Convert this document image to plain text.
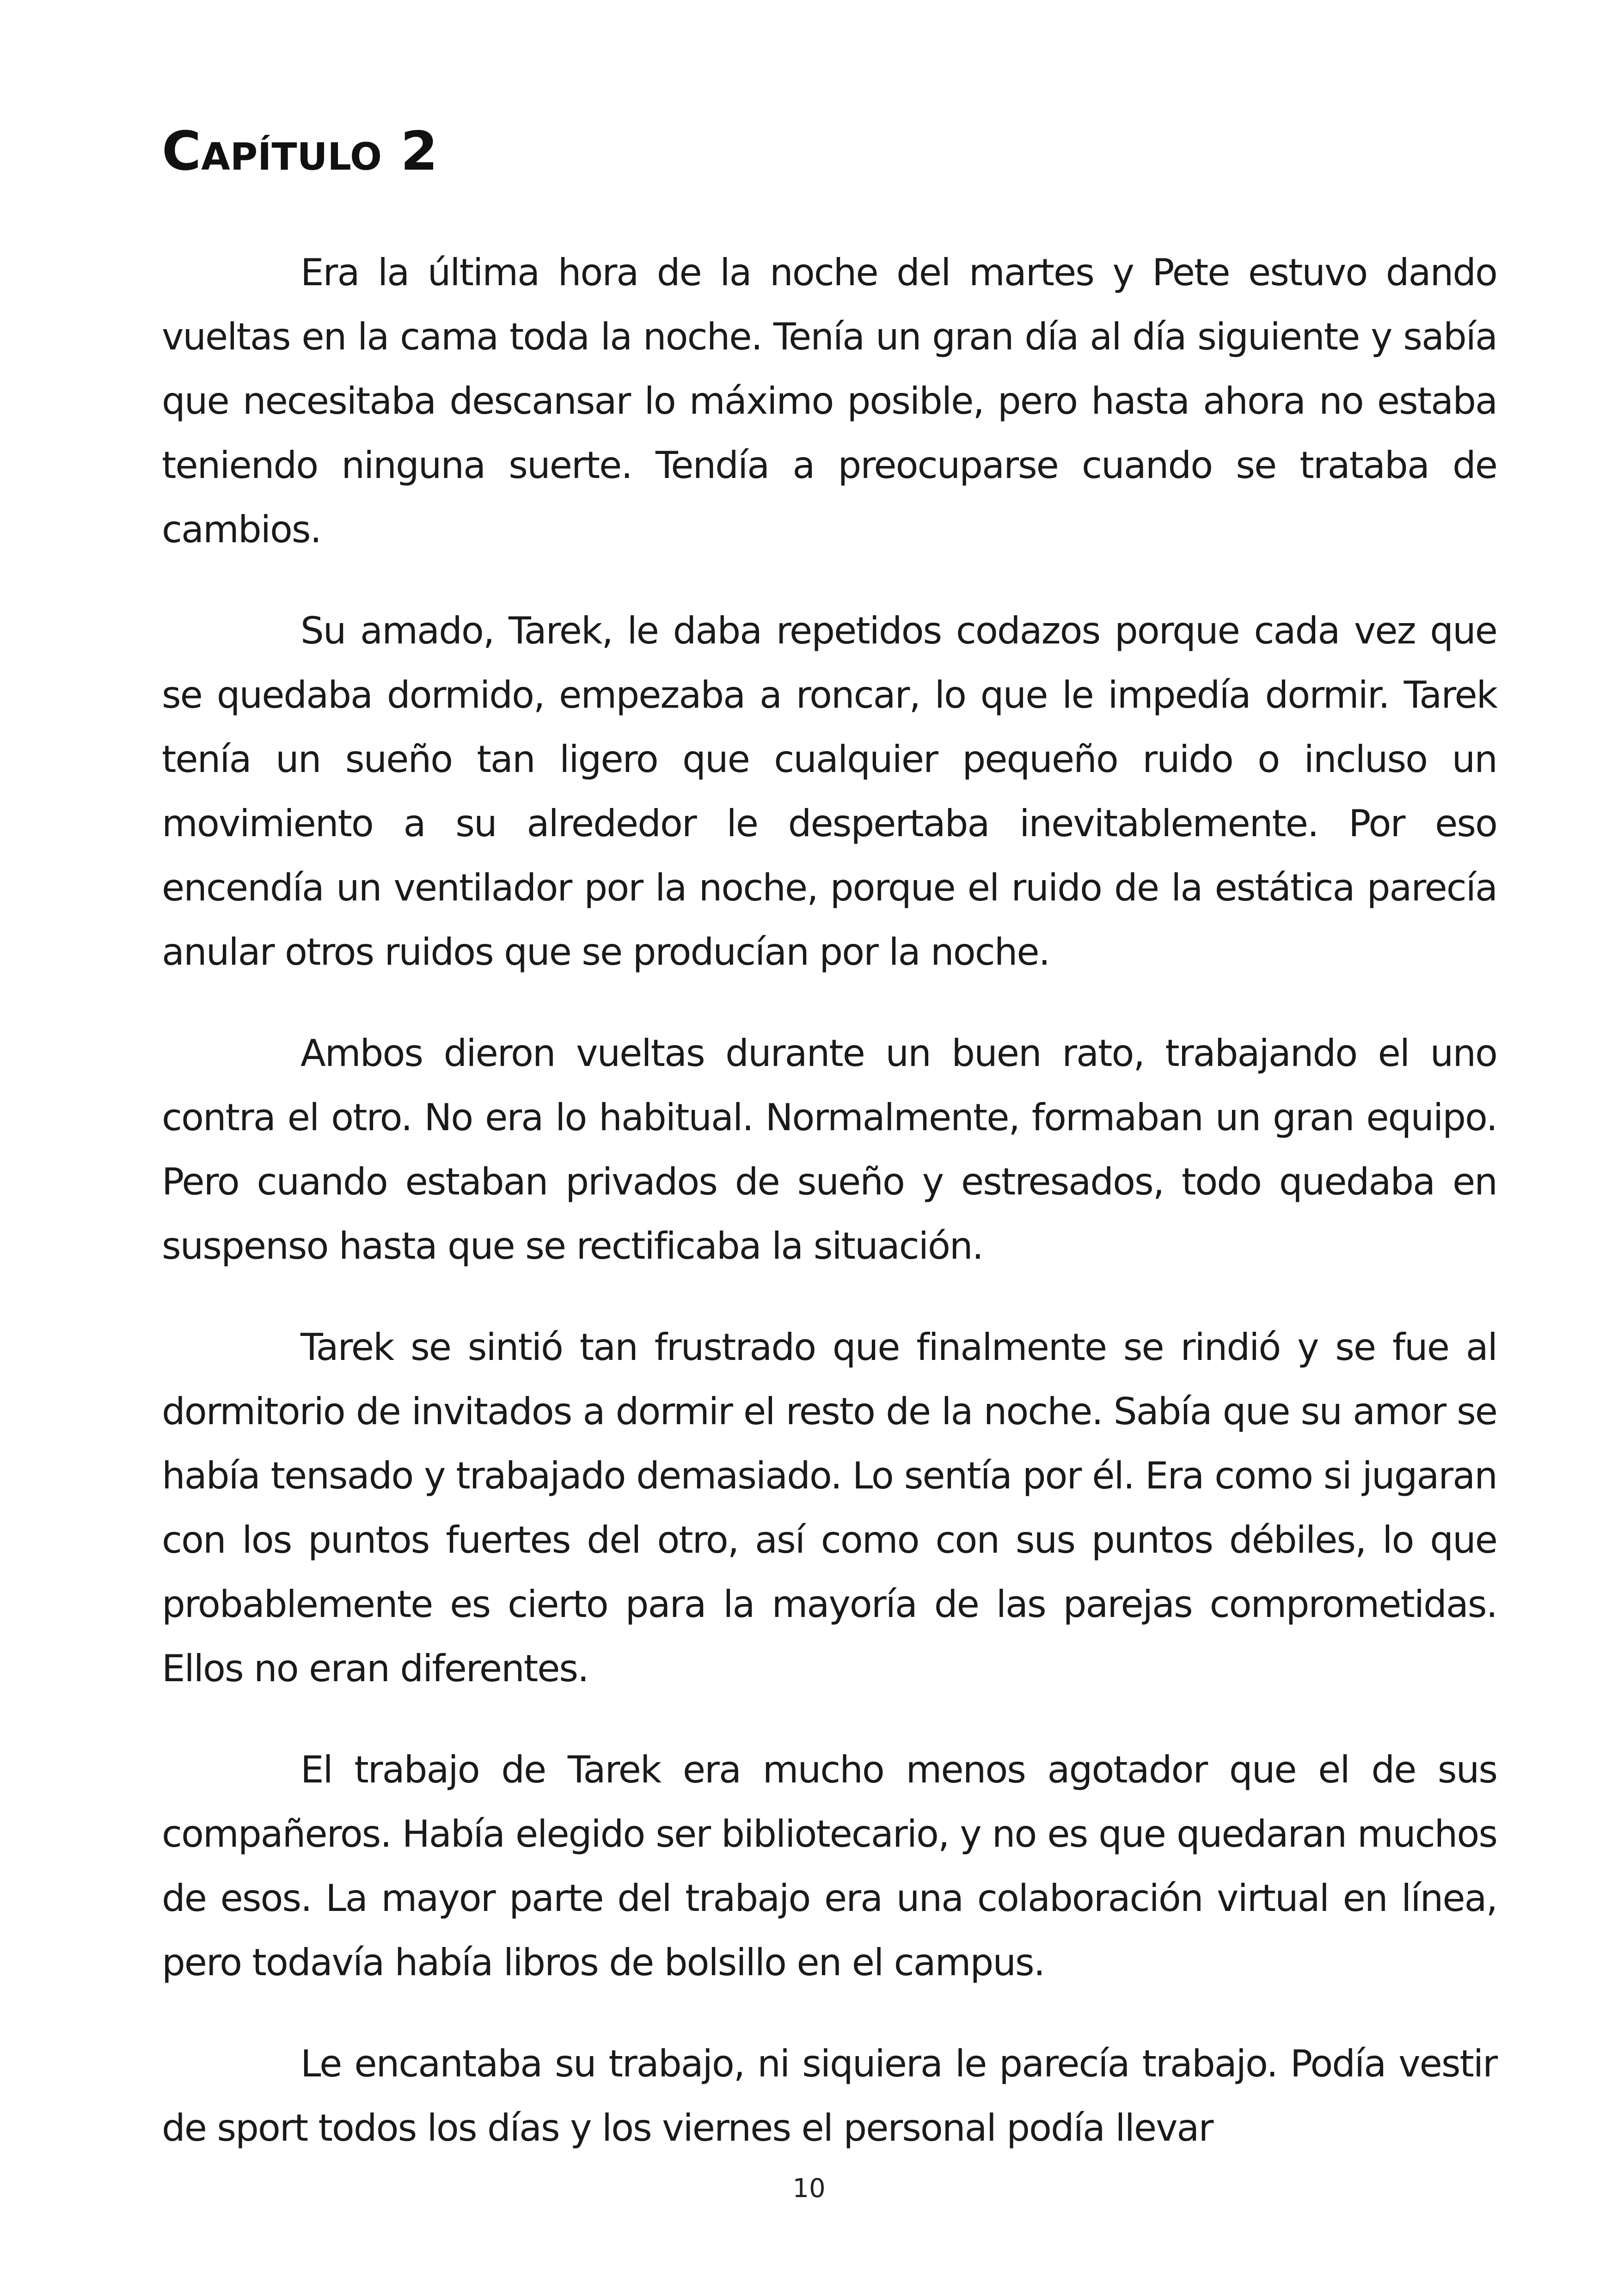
Capítulo 2

Era la última hora de la noche del martes y Pete estuvo dando vueltas en la cama toda la noche. Tenía un gran día al día siguiente y sabía que necesitaba descansar lo máximo posible, pero hasta ahora no estaba teniendo ninguna suerte. Tendía a preocuparse cuando se trataba de cambios.

Su amado, Tarek, le daba repetidos codazos porque cada vez que se quedaba dormido, empezaba a roncar, lo que le impedía dormir. Tarek tenía un sueño tan ligero que cualquier pequeño ruido o incluso un movimiento a su alrededor le despertaba inevitablemente. Por eso encendía un ventilador por la noche, porque el ruido de la estática parecía anular otros ruidos que se producían por la noche.

Ambos dieron vueltas durante un buen rato, trabajando el uno contra el otro. No era lo habitual. Normalmente, formaban un gran equipo. Pero cuando estaban privados de sueño y estresados, todo quedaba en suspenso hasta que se rectificaba la situación.

Tarek se sintió tan frustrado que finalmente se rindió y se fue al dormitorio de invitados a dormir el resto de la noche. Sabía que su amor se había tensado y trabajado demasiado. Lo sentía por él. Era como si jugaran con los puntos fuertes del otro, así como con sus puntos débiles, lo que probablemente es cierto para la mayoría de las parejas comprometidas. Ellos no eran diferentes.

El trabajo de Tarek era mucho menos agotador que el de sus compañeros. Había elegido ser bibliotecario, y no es que quedaran muchos de esos. La mayor parte del trabajo era una colaboración virtual en línea, pero todavía había libros de bolsillo en el campus.

Le encantaba su trabajo, ni siquiera le parecía trabajo. Podía vestir de sport todos los días y los viernes el personal podía llevar

10
